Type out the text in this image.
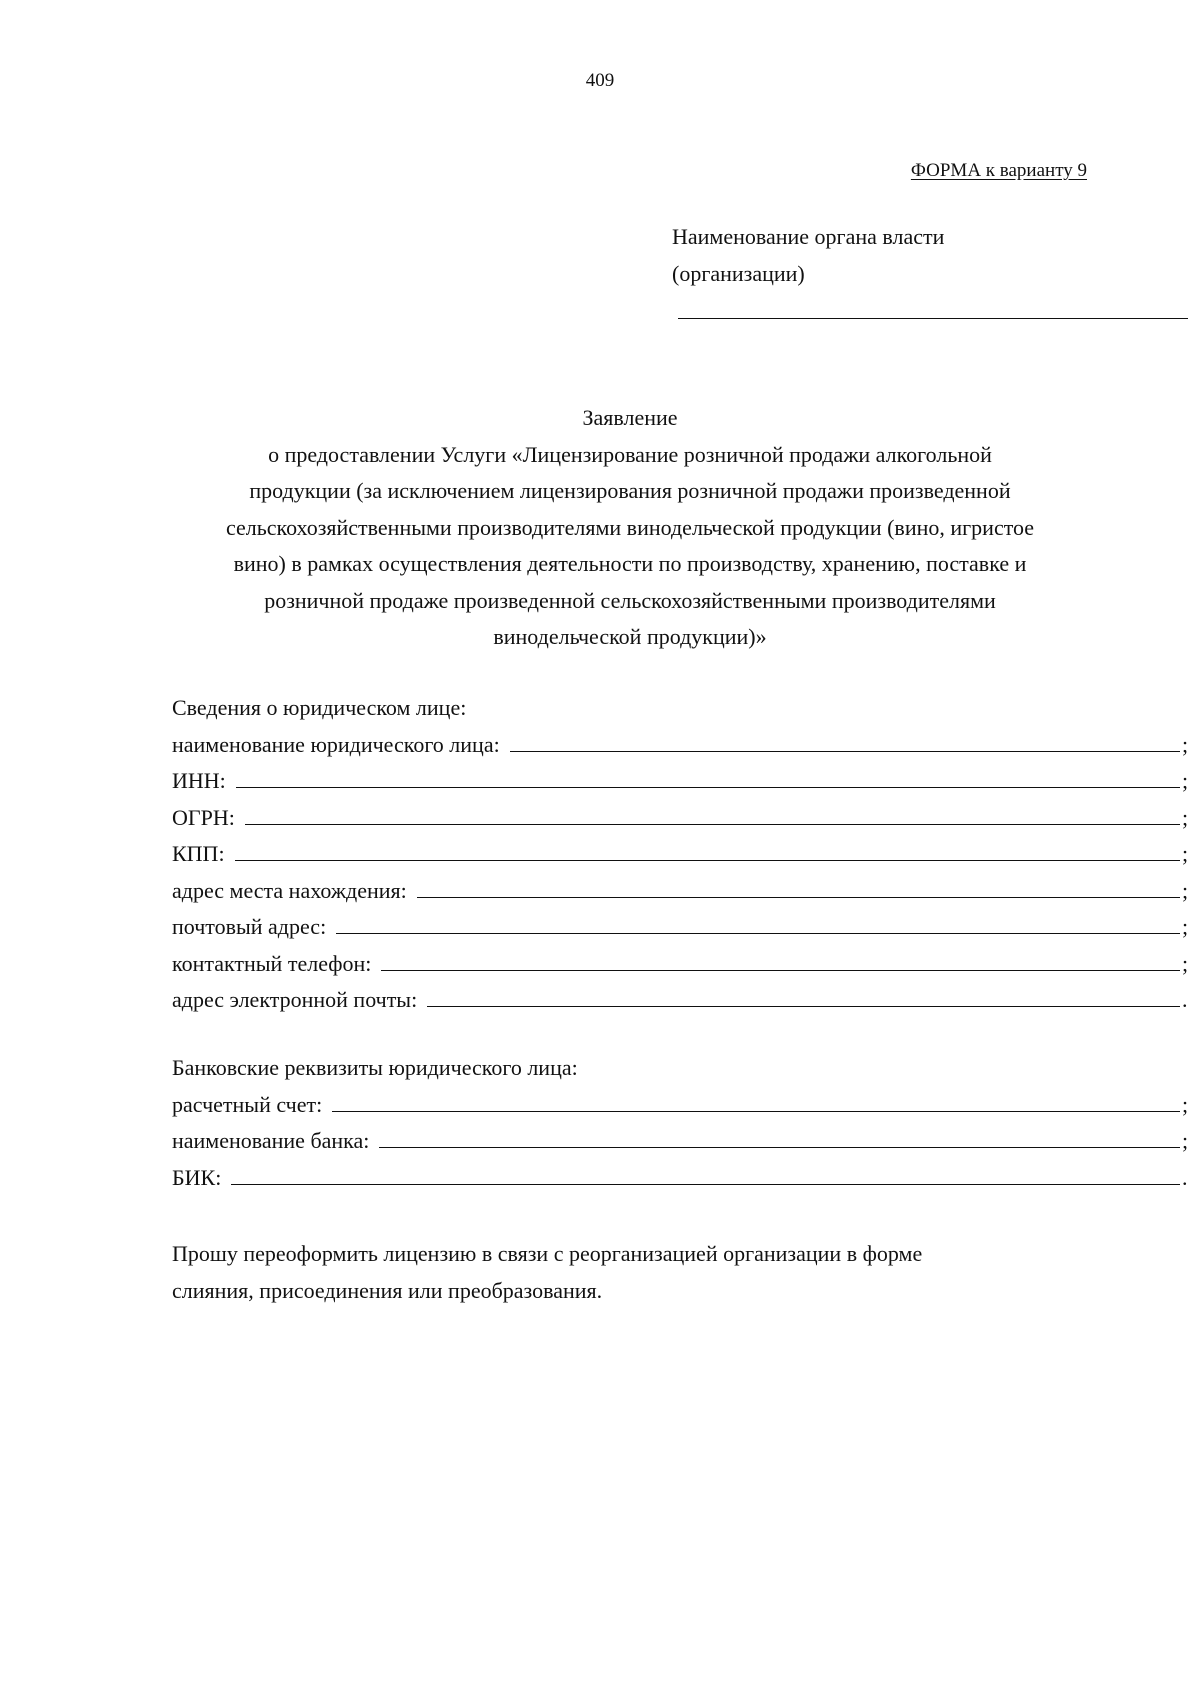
409
ФОРМА к варианту 9
Наименование органа власти
(организации)
Заявление
о предоставлении Услуги «Лицензирование розничной продажи алкогольной
продукции (за исключением лицензирования розничной продажи произведенной
сельскохозяйственными производителями винодельческой продукции (вино, игристое
вино) в рамках осуществления деятельности по производству, хранению, поставке и
розничной продаже произведенной сельскохозяйственными производителями
винодельческой продукции)»
Сведения о юридическом лице:
наименование юридического лица:	;
ИНН:	;
ОГРН:	;
КПП:	;
адрес места нахождения:	;
почтовый адрес:	;
контактный телефон:	;
адрес электронной почты:	.
Банковские реквизиты юридического лица:
расчетный счет:	;
наименование банка:	;
БИК:	.
Прошу переоформить лицензию в связи с реорганизацией организации в форме
слияния, присоединения или преобразования.
